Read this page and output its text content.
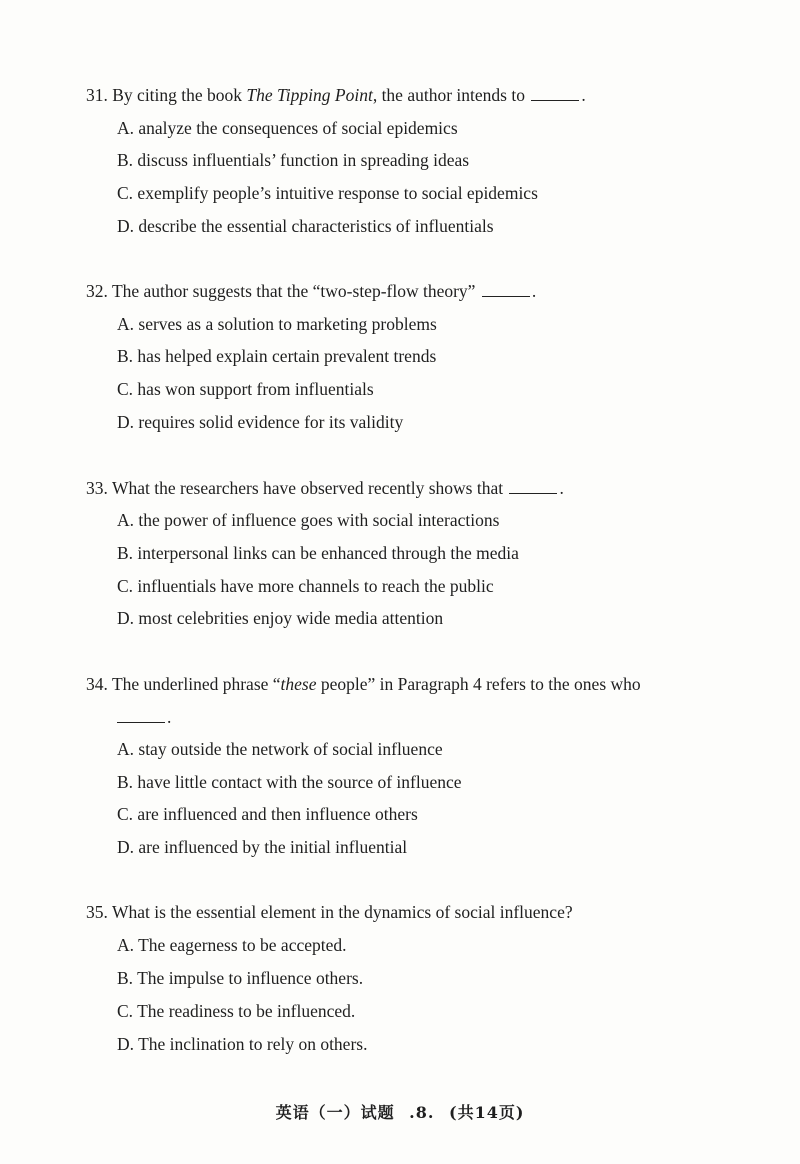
31. By citing the book The Tipping Point, the author intends to	.
A. analyze the consequences of social epidemics
B. discuss influentials’ function in spreading ideas
C. exemplify people’s intuitive response to social epidemics
D. describe the essential characteristics of influentials
32. The author suggests that the “two-step-flow theory”	.
A. serves as a solution to marketing problems
B. has helped explain certain prevalent trends
C. has won support from influentials
D. requires solid evidence for its validity
33. What the researchers have observed recently shows that	.
A. the power of influence goes with social interactions
B. interpersonal links can be enhanced through the media
C. influentials have more channels to reach the public
D. most celebrities enjoy wide media attention
34. The underlined phrase “these people” in Paragraph 4 refers to the ones who
.
A. stay outside the network of social influence
B. have little contact with the source of influence
C. are influenced and then influence others
D. are influenced by the initial influential
35. What is the essential element in the dynamics of social influence?
A. The eagerness to be accepted.
B. The impulse to influence others.
C. The readiness to be influenced.
D. The inclination to rely on others.
英语（一）试题 .8. (共14页)
